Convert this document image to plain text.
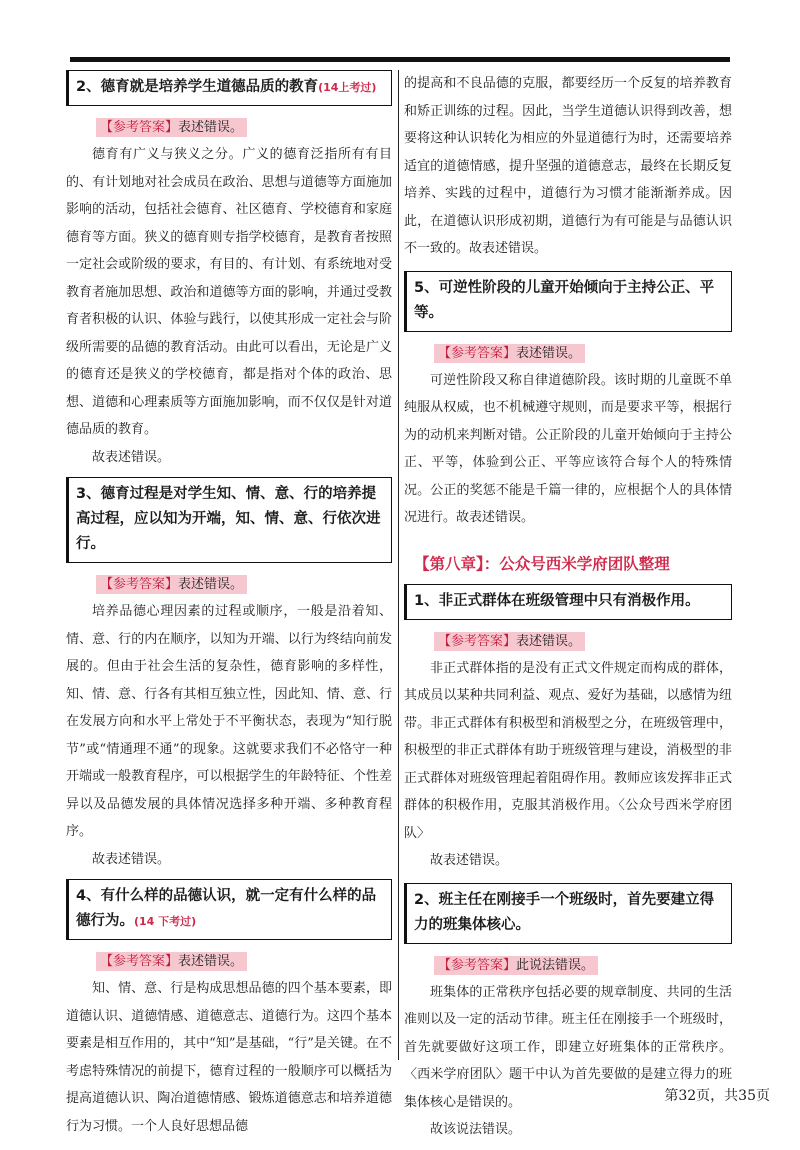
2、德育就是培养学生道德品质的教育(14上考过)
【参考答案】表述错误。

德育有广义与狭义之分。广义的德育泛指所有有目的、有计划地对社会成员在政治、思想与道德等方面施加影响的活动，包括社会德育、社区德育、学校德育和家庭德育等方面。狭义的德育则专指学校德育，是教育者按照一定社会或阶级的要求，有目的、有计划、有系统地对受教育者施加思想、政治和道德等方面的影响，并通过受教育者积极的认识、体验与践行，以使其形成一定社会与阶级所需要的品德的教育活动。由此可以看出，无论是广义的德育还是狭义的学校德育，都是指对个体的政治、思想、道德和心理素质等方面施加影响，而不仅仅是针对道德品质的教育。

故表述错误。

3、德育过程是对学生知、情、意、行的培养提高过程，应以知为开端，知、情、意、行依次进行。
【参考答案】表述错误。

培养品德心理因素的过程或顺序，一般是沿着知、情、意、行的内在顺序，以知为开端、以行为终结向前发展的。但由于社会生活的复杂性，德育影响的多样性，知、情、意、行各有其相互独立性，因此知、情、意、行在发展方向和水平上常处于不平衡状态，表现为“知行脱节”或“情通理不通”的现象。这就要求我们不必恪守一种开端或一般教育程序，可以根据学生的年龄特征、个性差异以及品德发展的具体情况选择多种开端、多种教育程序。

故表述错误。

4、有什么样的品德认识，就一定有什么样的品德行为。(14 下考过)
【参考答案】表述错误。

知、情、意、行是构成思想品德的四个基本要素，即道德认识、道德情感、道德意志、道德行为。这四个基本要素是相互作用的，其中“知”是基础，“行”是关键。在不考虑特殊情况的前提下，德育过程的一般顺序可以概括为提高道德认识、陶冶道德情感、锻炼道德意志和培养道德行为习惯。一个人良好思想品德

的提高和不良品德的克服，都要经历一个反复的培养教育和矫正训练的过程。因此，当学生道德认识得到改善，想要将这种认识转化为相应的外显道德行为时，还需要培养适宜的道德情感，提升坚强的道德意志，最终在长期反复培养、实践的过程中，道德行为习惯才能渐渐养成。因此，在道德认识形成初期，道德行为有可能是与品德认识不一致的。故表述错误。

5、可逆性阶段的儿童开始倾向于主持公正、平等。
【参考答案】表述错误。

可逆性阶段又称自律道德阶段。该时期的儿童既不单纯服从权威，也不机械遵守规则，而是要求平等，根据行为的动机来判断对错。公正阶段的儿童开始倾向于主持公正、平等，体验到公正、平等应该符合每个人的特殊情况。公正的奖惩不能是千篇一律的，应根据个人的具体情况进行。故表述错误。

【第八章】：公众号西米学府团队整理
1、非正式群体在班级管理中只有消极作用。
【参考答案】表述错误。

非正式群体指的是没有正式文件规定而构成的群体，其成员以某种共同利益、观点、爱好为基础，以感情为纽带。非正式群体有积极型和消极型之分，在班级管理中，积极型的非正式群体有助于班级管理与建设，消极型的非正式群体对班级管理起着阻碍作用。教师应该发挥非正式群体的积极作用，克服其消极作用。〈公众号西米学府团队〉

故表述错误。

2、班主任在刚接手一个班级时，首先要建立得力的班集体核心。
【参考答案】此说法错误。

班集体的正常秩序包括必要的规章制度、共同的生活准则以及一定的活动节律。班主任在刚接手一个班级时，首先就要做好这项工作，即建立好班集体的正常秩序。〈西米学府团队〉题干中认为首先要做的是建立得力的班集体核心是错误的。

故该说法错误。

第32页，共35页
